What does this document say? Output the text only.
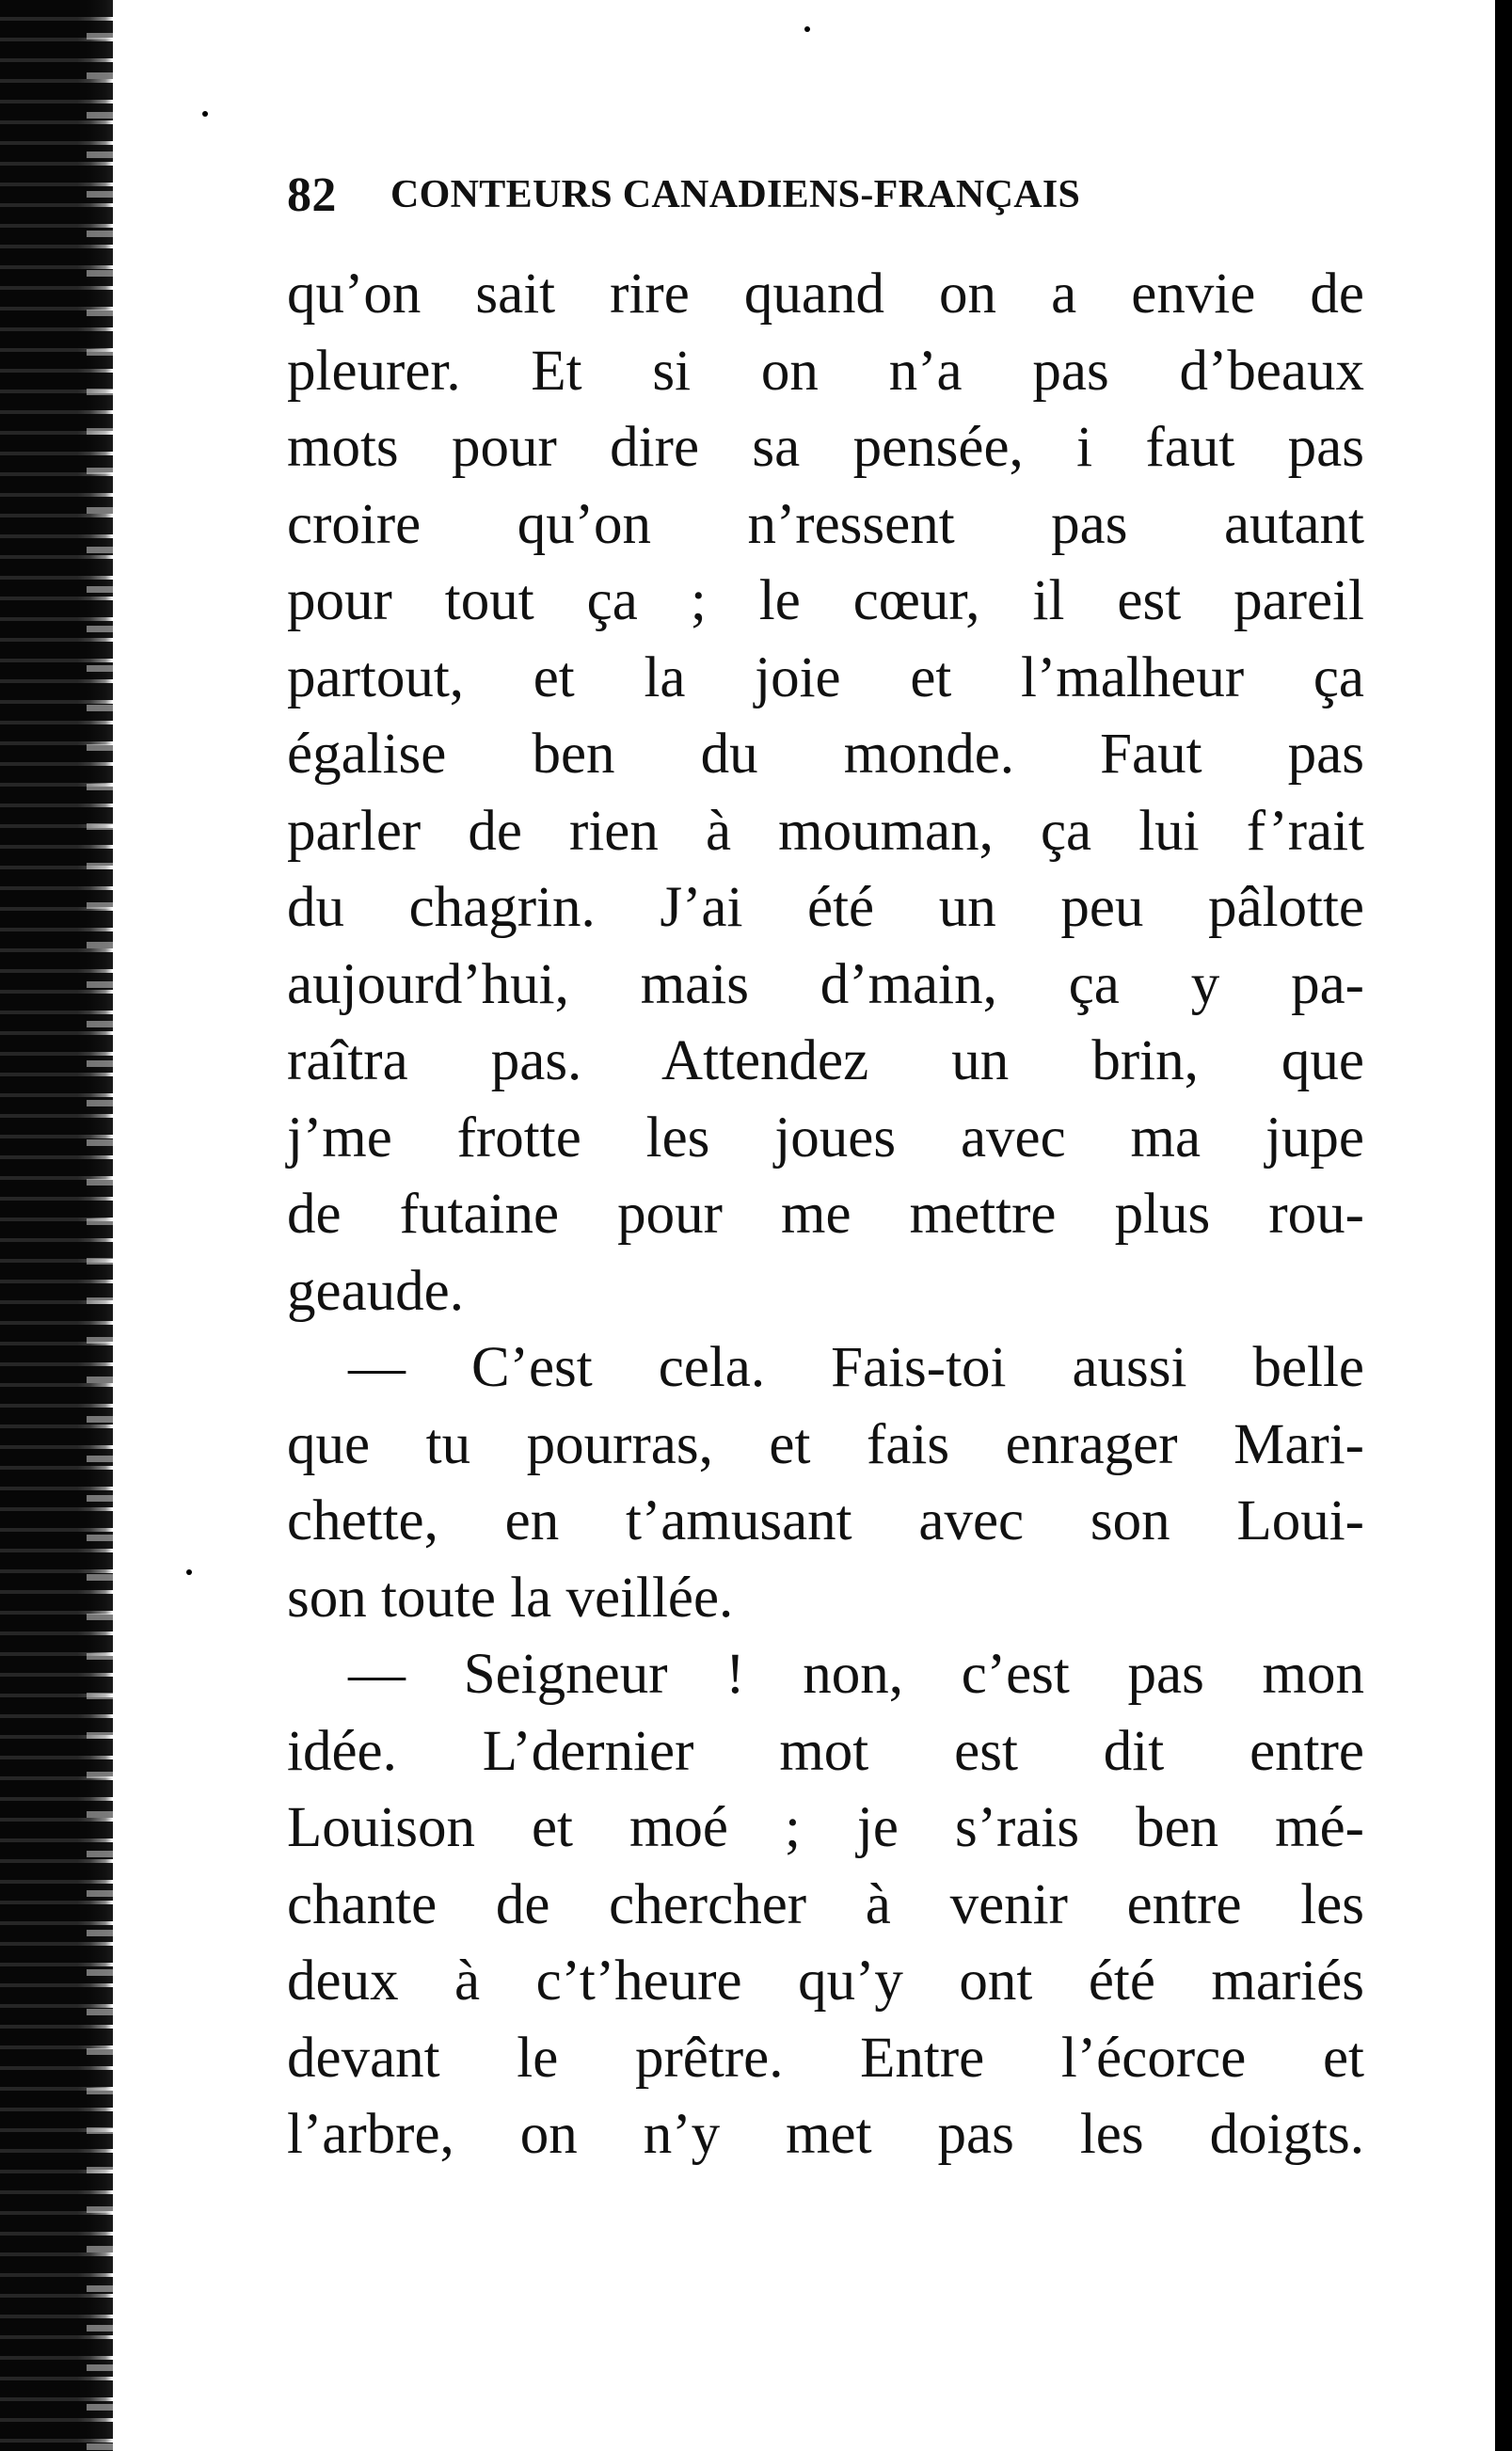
82	CONTEURS CANADIENS-FRANÇAIS
qu’on sait rire quand on a envie de
pleurer. Et si on n’a pas d’beaux
mots pour dire sa pensée, i faut pas
croire qu’on n’ressent pas autant
pour tout ça ; le cœur, il est pareil
partout, et la joie et l’malheur ça
égalise ben du monde. Faut pas
parler de rien à mouman, ça lui f’rait
du chagrin. J’ai été un peu pâlotte
aujourd’hui, mais d’main, ça y pa-
raîtra pas. Attendez un brin, que
j’me frotte les joues avec ma jupe
de futaine pour me mettre plus rou-
geaude.
— C’est cela. Fais-toi aussi belle
que tu pourras, et fais enrager Mari-
chette, en t’amusant avec son Loui-
son toute la veillée.
— Seigneur ! non, c’est pas mon
idée. L’dernier mot est dit entre
Louison et moé ; je s’rais ben mé-
chante de chercher à venir entre les
deux à c’t’heure qu’y ont été mariés
devant le prêtre. Entre l’écorce et
l’arbre, on n’y met pas les doigts.
